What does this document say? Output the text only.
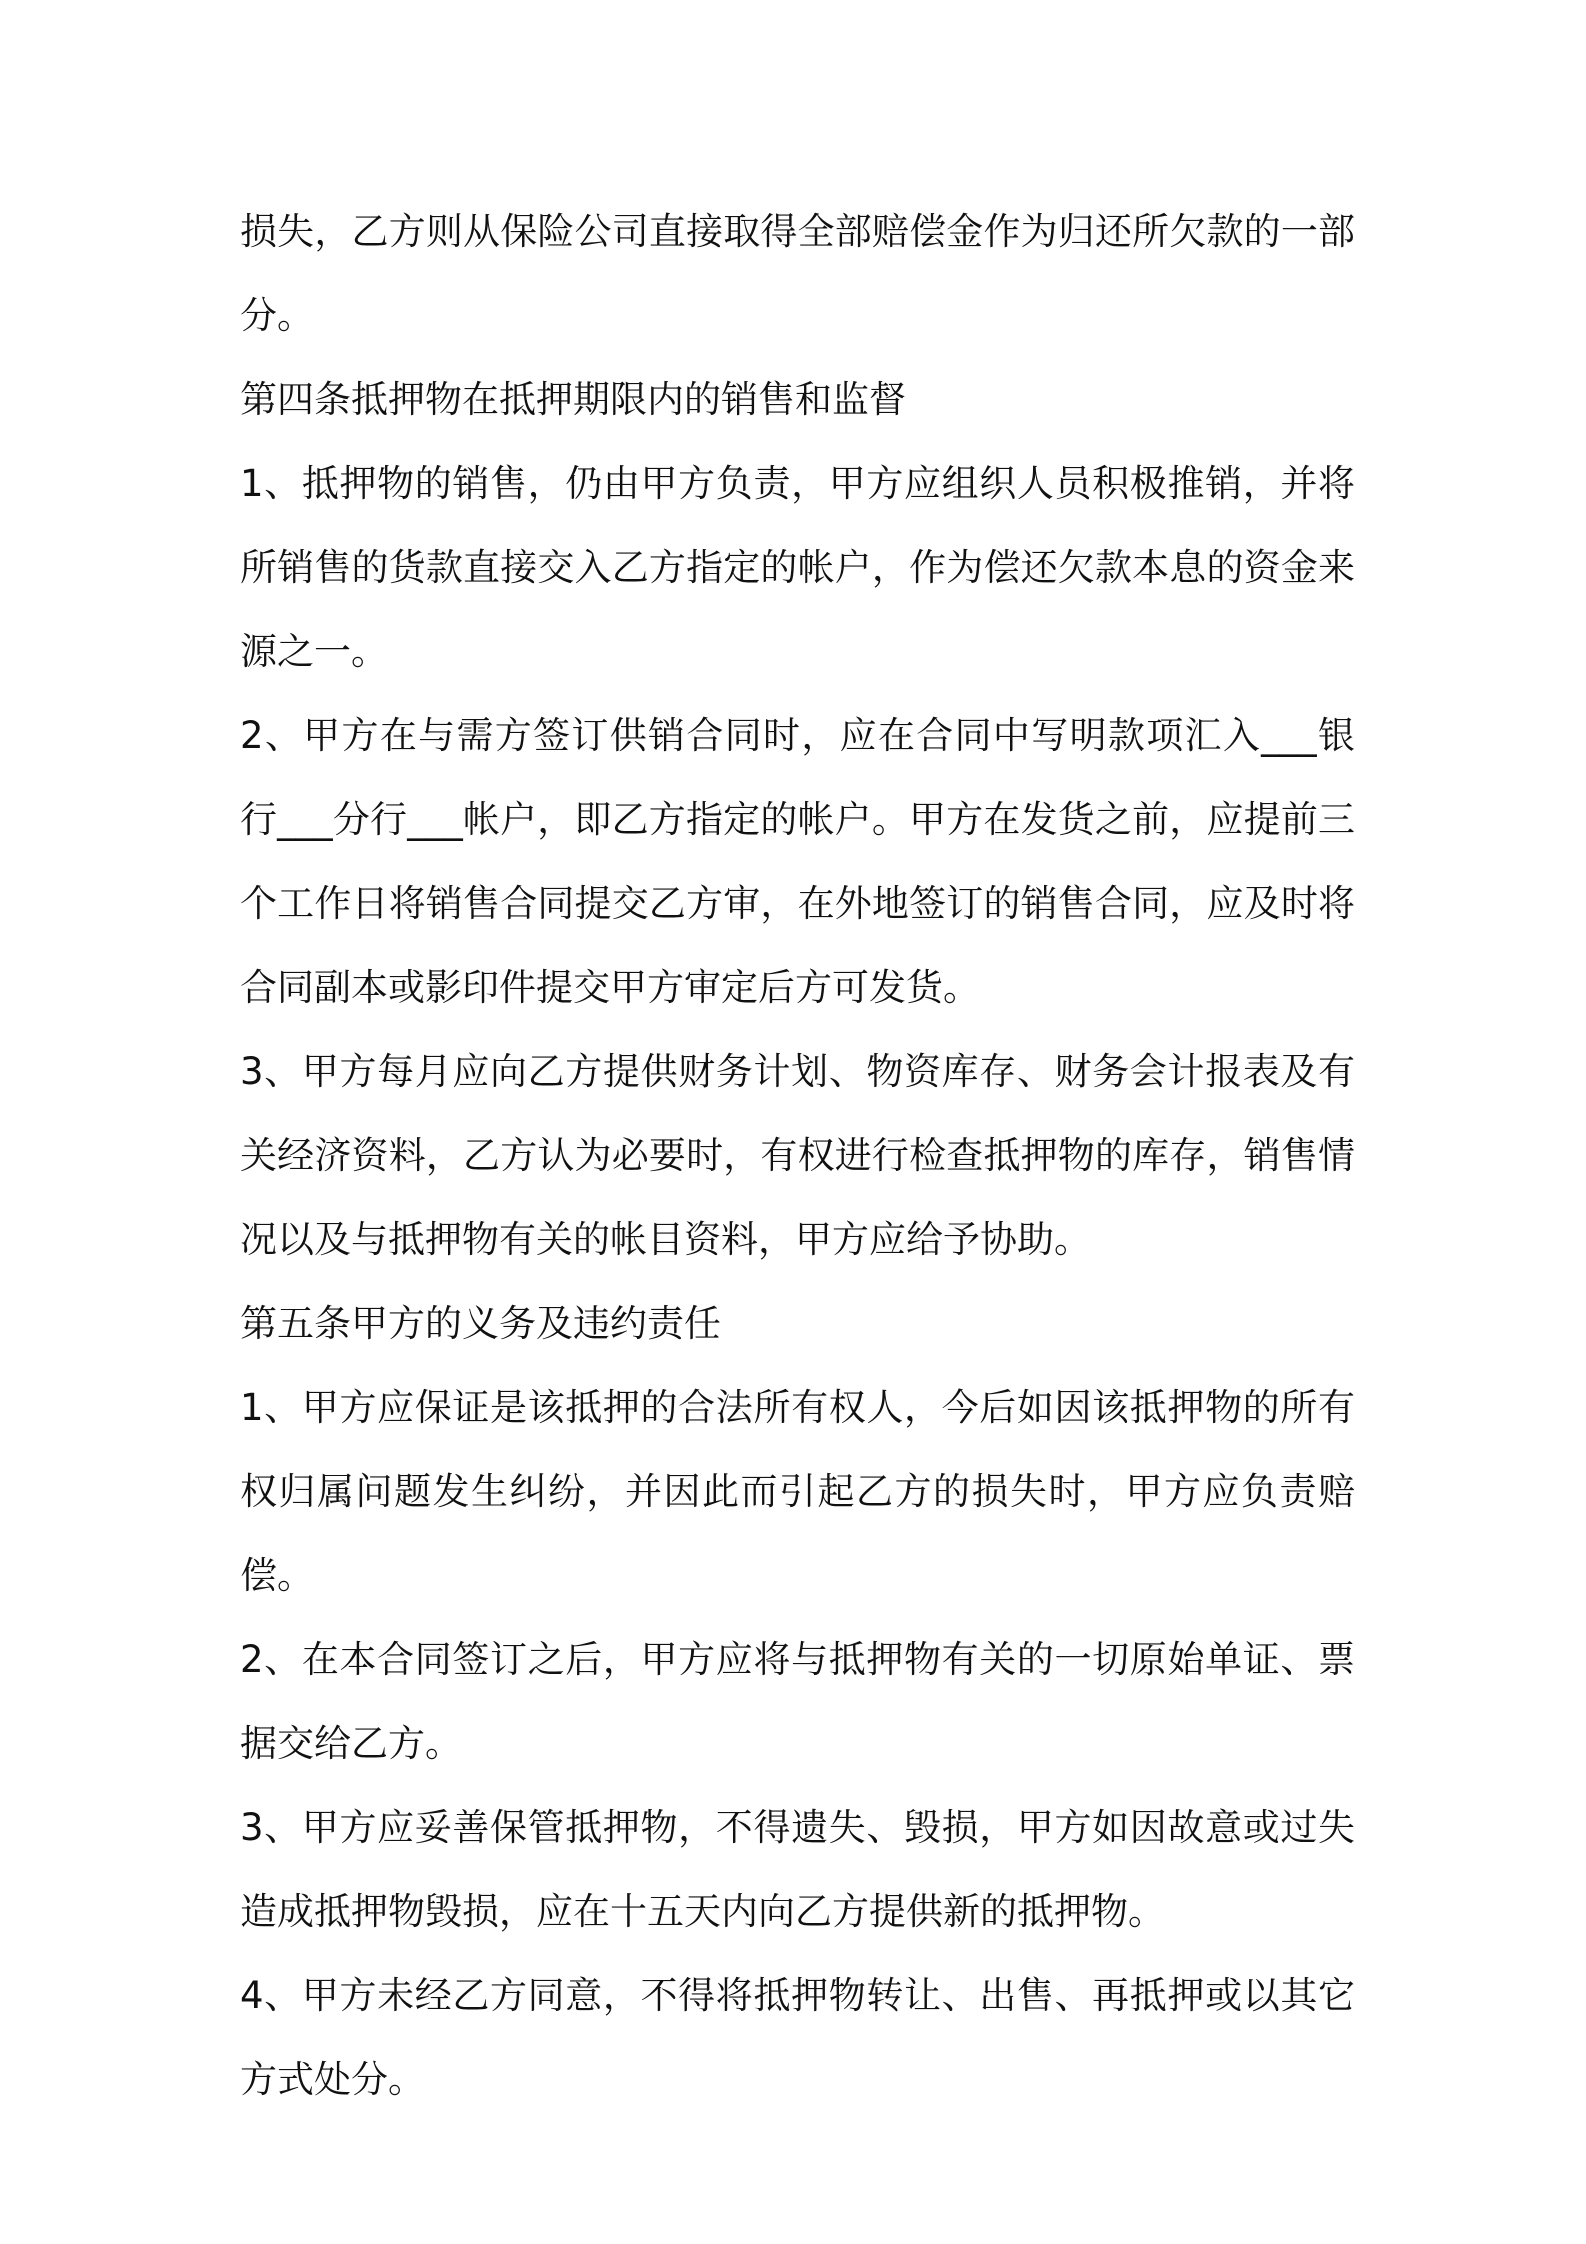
损失，乙方则从保险公司直接取得全部赔偿金作为归还所欠款的一部分。

第四条抵押物在抵押期限内的销售和监督

1、抵押物的销售，仍由甲方负责，甲方应组织人员积极推销，并将所销售的货款直接交入乙方指定的帐户，作为偿还欠款本息的资金来源之一。

2、甲方在与需方签订供销合同时，应在合同中写明款项汇入___银行___分行___帐户，即乙方指定的帐户。甲方在发货之前，应提前三个工作日将销售合同提交乙方审，在外地签订的销售合同，应及时将合同副本或影印件提交甲方审定后方可发货。

3、甲方每月应向乙方提供财务计划、物资库存、财务会计报表及有关经济资料，乙方认为必要时，有权进行检查抵押物的库存，销售情况以及与抵押物有关的帐目资料，甲方应给予协助。

第五条甲方的义务及违约责任

1、甲方应保证是该抵押的合法所有权人，今后如因该抵押物的所有权归属问题发生纠纷，并因此而引起乙方的损失时，甲方应负责赔偿。

2、在本合同签订之后，甲方应将与抵押物有关的一切原始单证、票据交给乙方。

3、甲方应妥善保管抵押物，不得遗失、毁损，甲方如因故意或过失造成抵押物毁损，应在十五天内向乙方提供新的抵押物。

4、甲方未经乙方同意，不得将抵押物转让、出售、再抵押或以其它方式处分。
